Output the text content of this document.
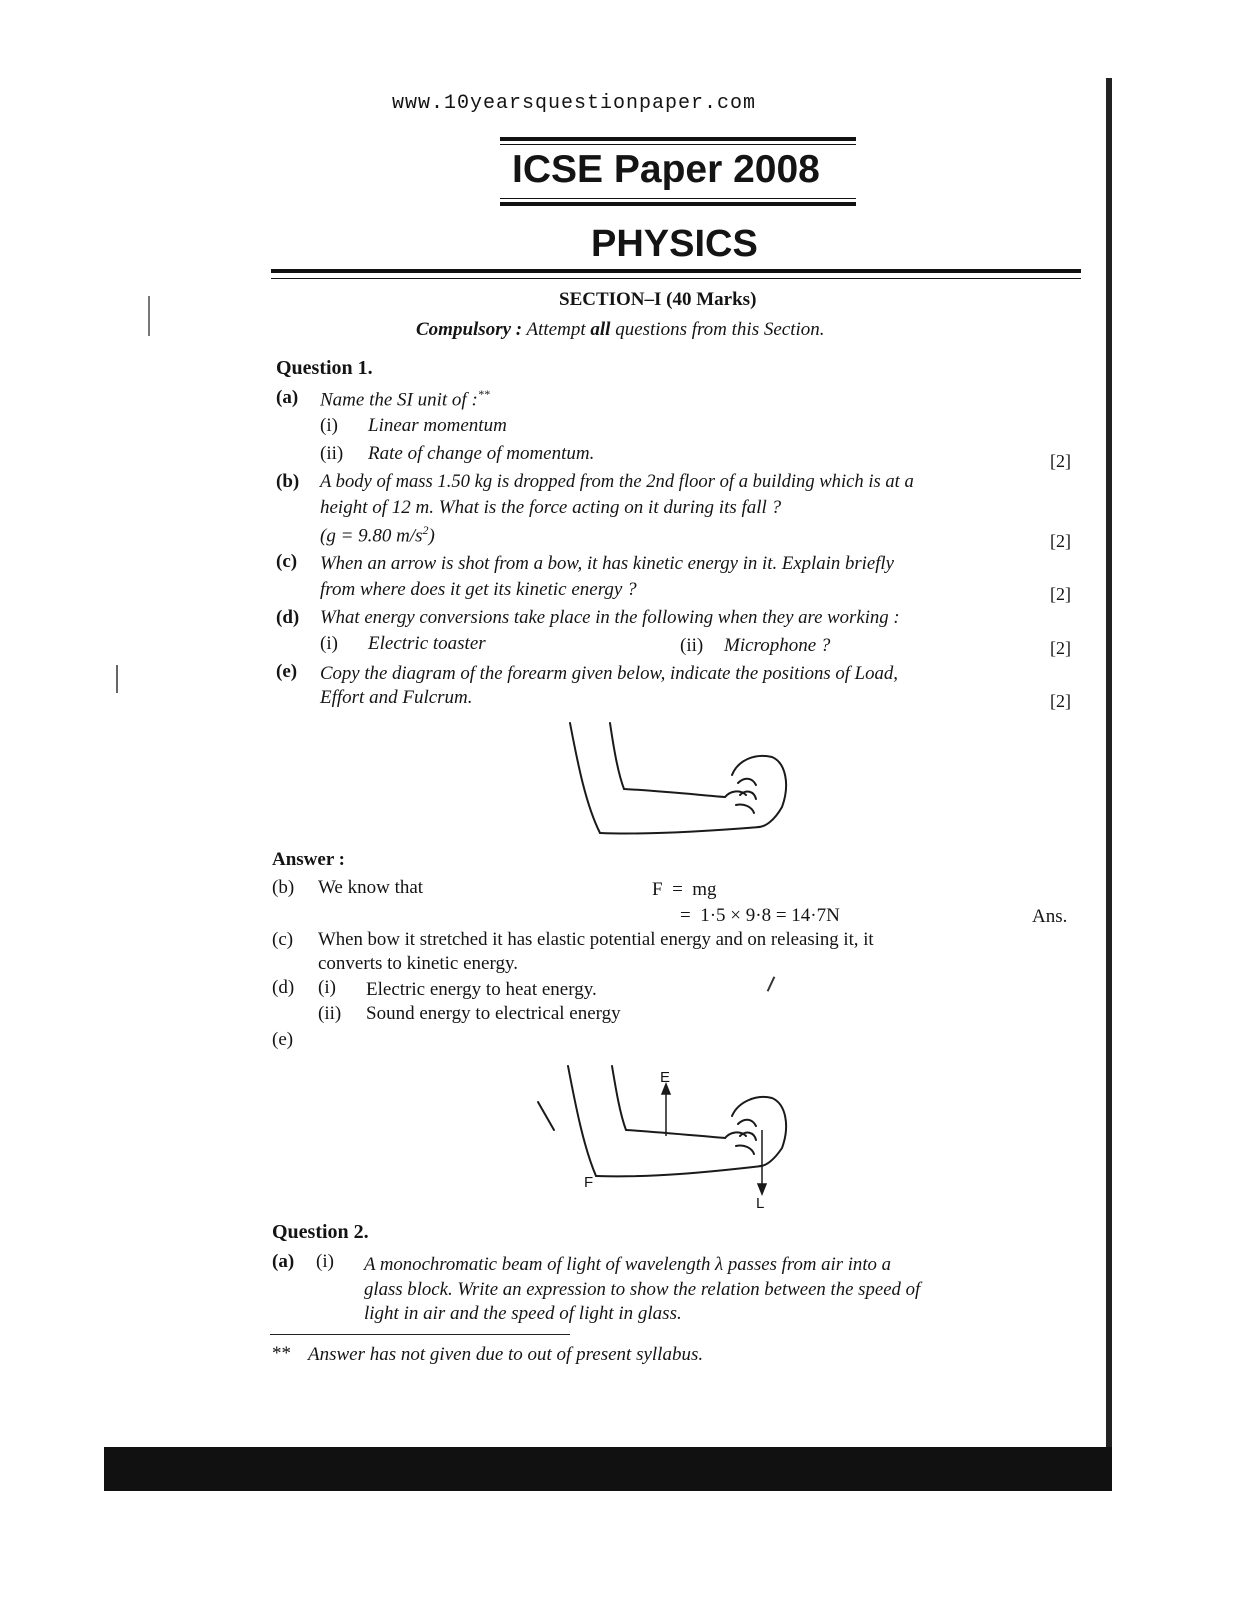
www.10yearsquestionpaper.com
ICSE Paper 2008
PHYSICS
SECTION–I (40 Marks)
Compulsory : Attempt all questions from this Section.
Question 1.
(a) Name the SI unit of :**
(i) Linear momentum
(ii) Rate of change of momentum.	[2]
(b) A body of mass 1.50 kg is dropped from the 2nd floor of a building which is at a
height of 12 m. What is the force acting on it during its fall ?
(g = 9.80 $m/s^2$)	[2]
(c) When an arrow is shot from a bow, it has kinetic energy in it. Explain briefly
from where does it get its kinetic energy ?	[2]
(d) What energy conversions take place in the following when they are working :
(i) Electric toaster	(ii) Microphone ?	[2]
(e) Copy the diagram of the forearm given below, indicate the positions of Load,
Effort and Fulcrum.	[2]
Answer :
(b) We know that	F  =  mg
=  1·5 × 9·8 = 14·7N	Ans.
(c) When bow it stretched it has elastic potential energy and on releasing it, it
converts to kinetic energy.
(d) (i) Electric energy to heat energy.
(ii) Sound energy to electrical energy
(e)
E
F
L
Question 2.
(a) (i) A monochromatic beam of light of wavelength λ passes from air into a
glass block. Write an expression to show the relation between the speed of
light in air and the speed of light in glass.
** Answer has not given due to out of present syllabus.
